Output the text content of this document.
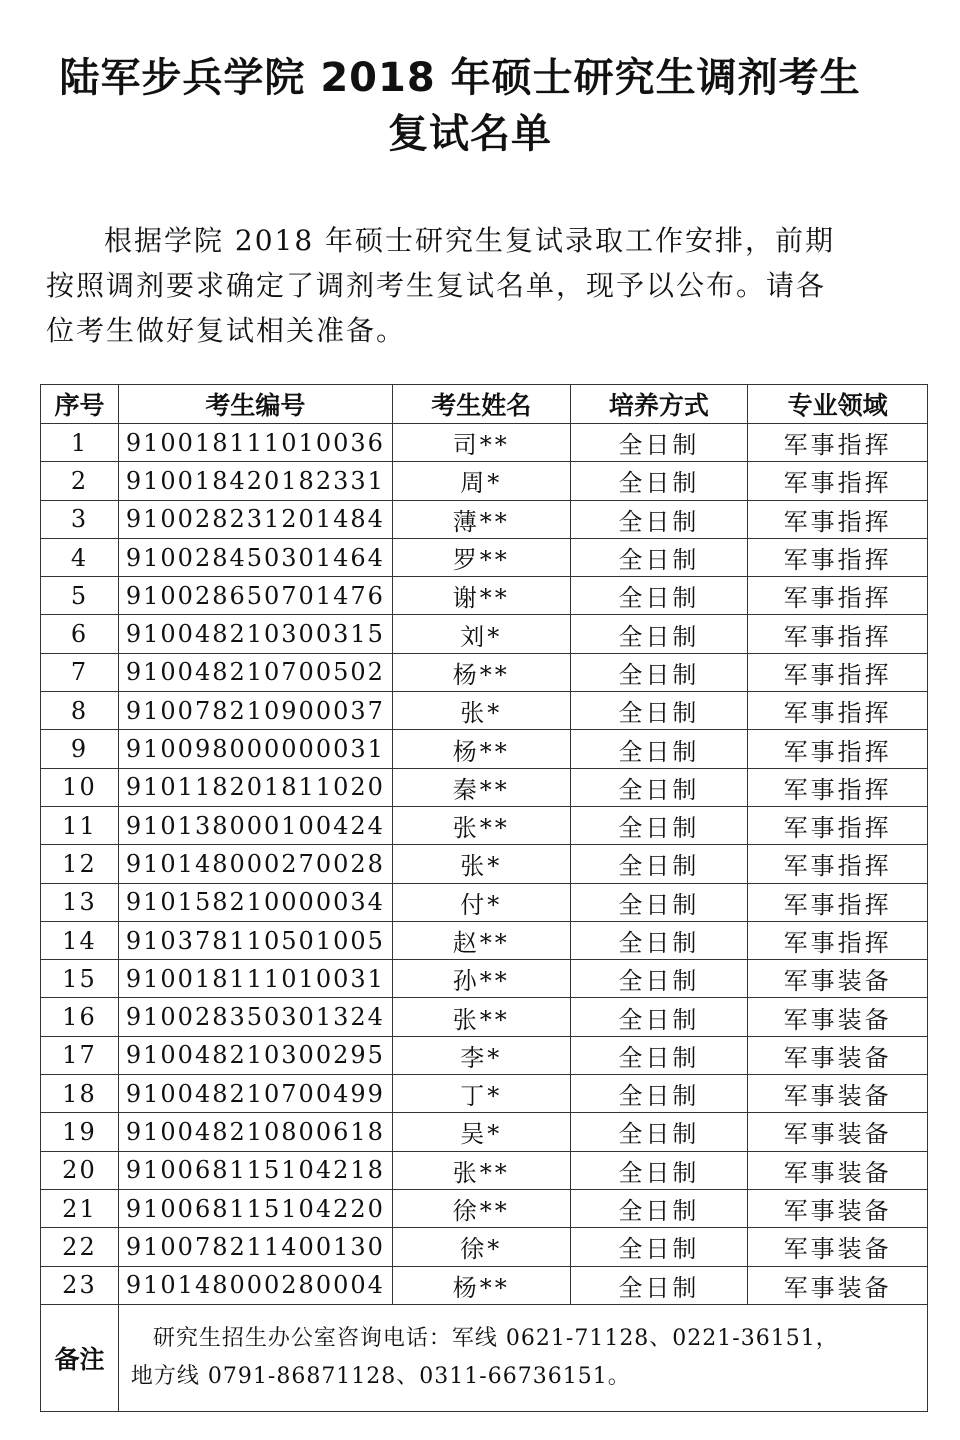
陆军步兵学院 2018 年硕士研究生调剂考生
复试名单
根据学院 2018 年硕士研究生复试录取工作安排，前期
按照调剂要求确定了调剂考生复试名单，现予以公布。请各
位考生做好复试相关准备。
序号	考生编号	考生姓名	培养方式	专业领域
1	910018111010036	司**	全日制	军事指挥
2	910018420182331	周*	全日制	军事指挥
3	910028231201484	薄**	全日制	军事指挥
4	910028450301464	罗**	全日制	军事指挥
5	910028650701476	谢**	全日制	军事指挥
6	910048210300315	刘*	全日制	军事指挥
7	910048210700502	杨**	全日制	军事指挥
8	910078210900037	张*	全日制	军事指挥
9	910098000000031	杨**	全日制	军事指挥
10	910118201811020	秦**	全日制	军事指挥
11	910138000100424	张**	全日制	军事指挥
12	910148000270028	张*	全日制	军事指挥
13	910158210000034	付*	全日制	军事指挥
14	910378110501005	赵**	全日制	军事指挥
15	910018111010031	孙**	全日制	军事装备
16	910028350301324	张**	全日制	军事装备
17	910048210300295	李*	全日制	军事装备
18	910048210700499	丁*	全日制	军事装备
19	910048210800618	吴*	全日制	军事装备
20	910068115104218	张**	全日制	军事装备
21	910068115104220	徐**	全日制	军事装备
22	910078211400130	徐*	全日制	军事装备
23	910148000280004	杨**	全日制	军事装备
备注	研究生招生办公室咨询电话：军线 0621-71128、0221-36151，
地方线 0791-86871128、0311-66736151。			
